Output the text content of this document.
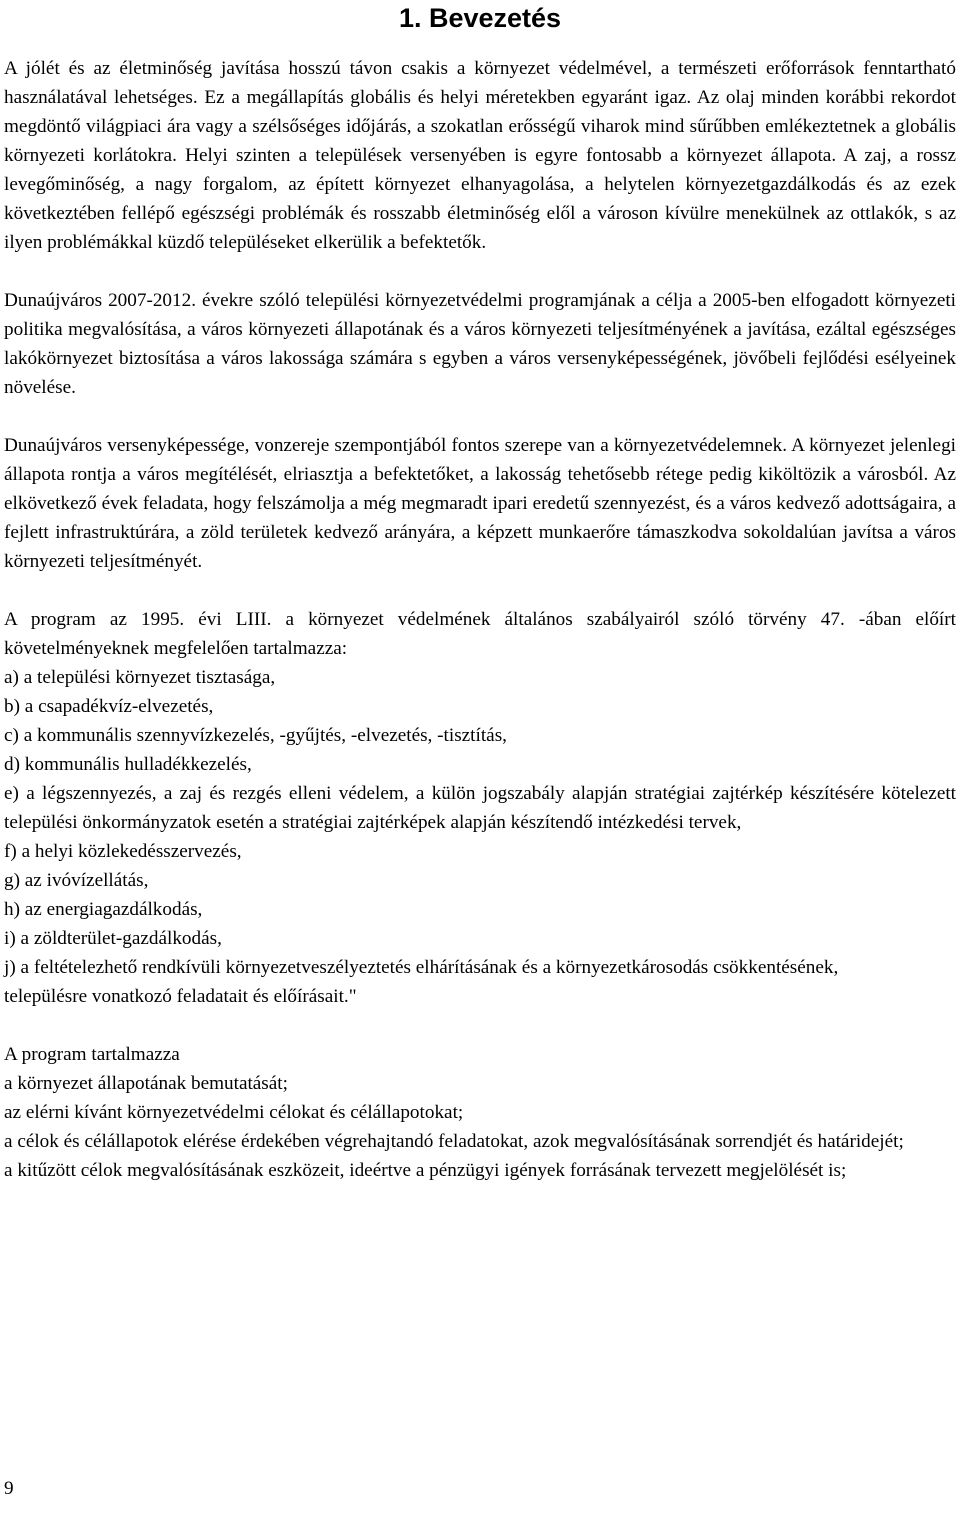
1. Bevezetés

A jólét és az életminőség javítása hosszú távon csakis a környezet védelmével, a természeti erőforrások fenntartható használatával lehetséges. Ez a megállapítás globális és helyi méretekben egyaránt igaz. Az olaj minden korábbi rekordot megdöntő világpiaci ára vagy a szélsőséges időjárás, a szokatlan erősségű viharok mind sűrűbben emlékeztetnek a globális környezeti korlátokra. Helyi szinten a települések versenyében is egyre fontosabb a környezet állapota. A zaj, a rossz levegőminőség, a nagy forgalom, az épített környezet elhanyagolása, a helytelen környezetgazdálkodás és az ezek következtében fellépő egészségi problémák és rosszabb életminőség elől a városon kívülre menekülnek az ottlakók, s az ilyen problémákkal küzdő településeket elkerülik a befektetők.

Dunaújváros 2007-2012. évekre szóló települési környezetvédelmi programjának a célja a 2005-ben elfogadott környezeti politika megvalósítása, a város környezeti állapotának és a város környezeti teljesítményének a javítása, ezáltal egészséges lakókörnyezet biztosítása a város lakossága számára s egyben a város versenyképességének, jövőbeli fejlődési esélyeinek növelése.

Dunaújváros versenyképessége, vonzereje szempontjából fontos szerepe van a környezetvédelemnek. A környezet jelenlegi állapota rontja a város megítélését, elriasztja a befektetőket, a lakosság tehetősebb rétege pedig kiköltözik a városból. Az elkövetkező évek feladata, hogy felszámolja a még megmaradt ipari eredetű szennyezést, és a város kedvező adottságaira, a fejlett infrastruktúrára, a zöld területek kedvező arányára, a képzett munkaerőre támaszkodva sokoldalúan javítsa a város környezeti teljesítményét.

A program az 1995. évi LIII. a környezet védelmének általános szabályairól szóló törvény 47. -ában előírt követelményeknek megfelelően tartalmazza:

a) a települési környezet tisztasága,

b) a csapadékvíz-elvezetés,

c) a kommunális szennyvízkezelés, -gyűjtés, -elvezetés, -tisztítás,

d) kommunális hulladékkezelés,

e) a légszennyezés, a zaj és rezgés elleni védelem, a külön jogszabály alapján stratégiai zajtérkép készítésére kötelezett települési önkormányzatok esetén a stratégiai zajtérképek alapján készítendő intézkedési tervek,

f) a helyi közlekedésszervezés,

g) az ivóvízellátás,

h) az energiagazdálkodás,

i) a zöldterület-gazdálkodás,

j) a feltételezhető rendkívüli környezetveszélyeztetés elhárításának és a környezetkárosodás csökkentésének,

településre vonatkozó feladatait és előírásait."

A program tartalmazza

a környezet állapotának bemutatását;

az elérni kívánt környezetvédelmi célokat és célállapotokat;

a célok és célállapotok elérése érdekében végrehajtandó feladatokat, azok megvalósításának sorrendjét és határidejét;

a kitűzött célok megvalósításának eszközeit, ideértve a pénzügyi igények forrásának tervezett megjelölését is;

9
